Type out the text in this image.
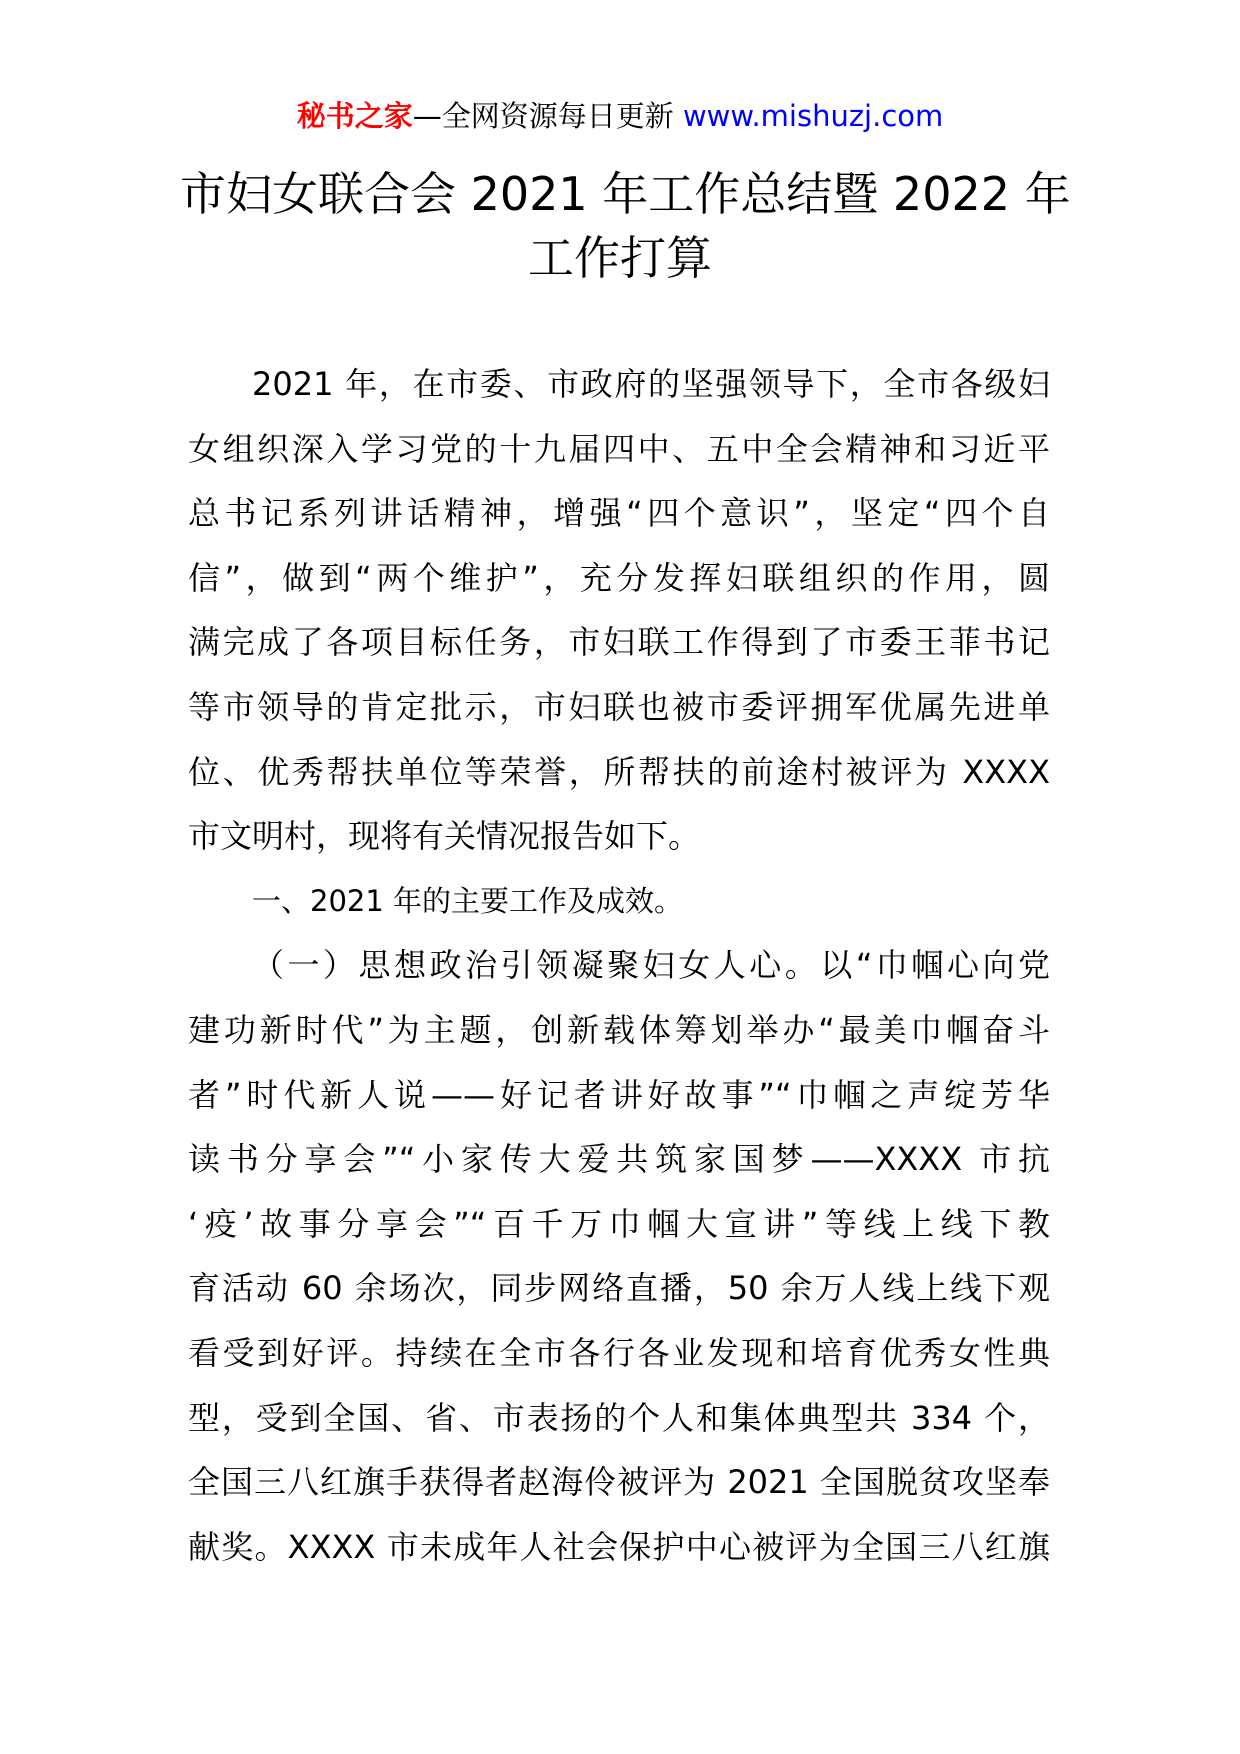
秘书之家—全网资源每日更新 www.mishuzj.com
市妇女联合会 2021 年工作总结暨 2022 年
工作打算
2021 年，在市委、市政府的坚强领导下，全市各级妇
女组织深入学习党的十九届四中、五中全会精神和习近平
总书记系列讲话精神，增强“四个意识”，坚定“四个自
信”，做到“两个维护”，充分发挥妇联组织的作用，圆
满完成了各项目标任务，市妇联工作得到了市委王菲书记
等市领导的肯定批示，市妇联也被市委评拥军优属先进单
位、优秀帮扶单位等荣誉，所帮扶的前途村被评为 XXXX
市文明村，现将有关情况报告如下。
一、2021 年的主要工作及成效。
（一）思想政治引领凝聚妇女人心。以“巾帼心向党
建功新时代”为主题，创新载体筹划举办“最美巾帼奋斗
者”时代新人说——好记者讲好故事”“巾帼之声绽芳华
读书分享会”“小家传大爱共筑家国梦——XXXX 市抗
‘疫’故事分享会”“百千万巾帼大宣讲”等线上线下教
育活动 60 余场次，同步网络直播，50 余万人线上线下观
看受到好评。持续在全市各行各业发现和培育优秀女性典
型，受到全国、省、市表扬的个人和集体典型共 334 个，
全国三八红旗手获得者赵海伶被评为 2021 全国脱贫攻坚奉
献奖。XXXX 市未成年人社会保护中心被评为全国三八红旗
